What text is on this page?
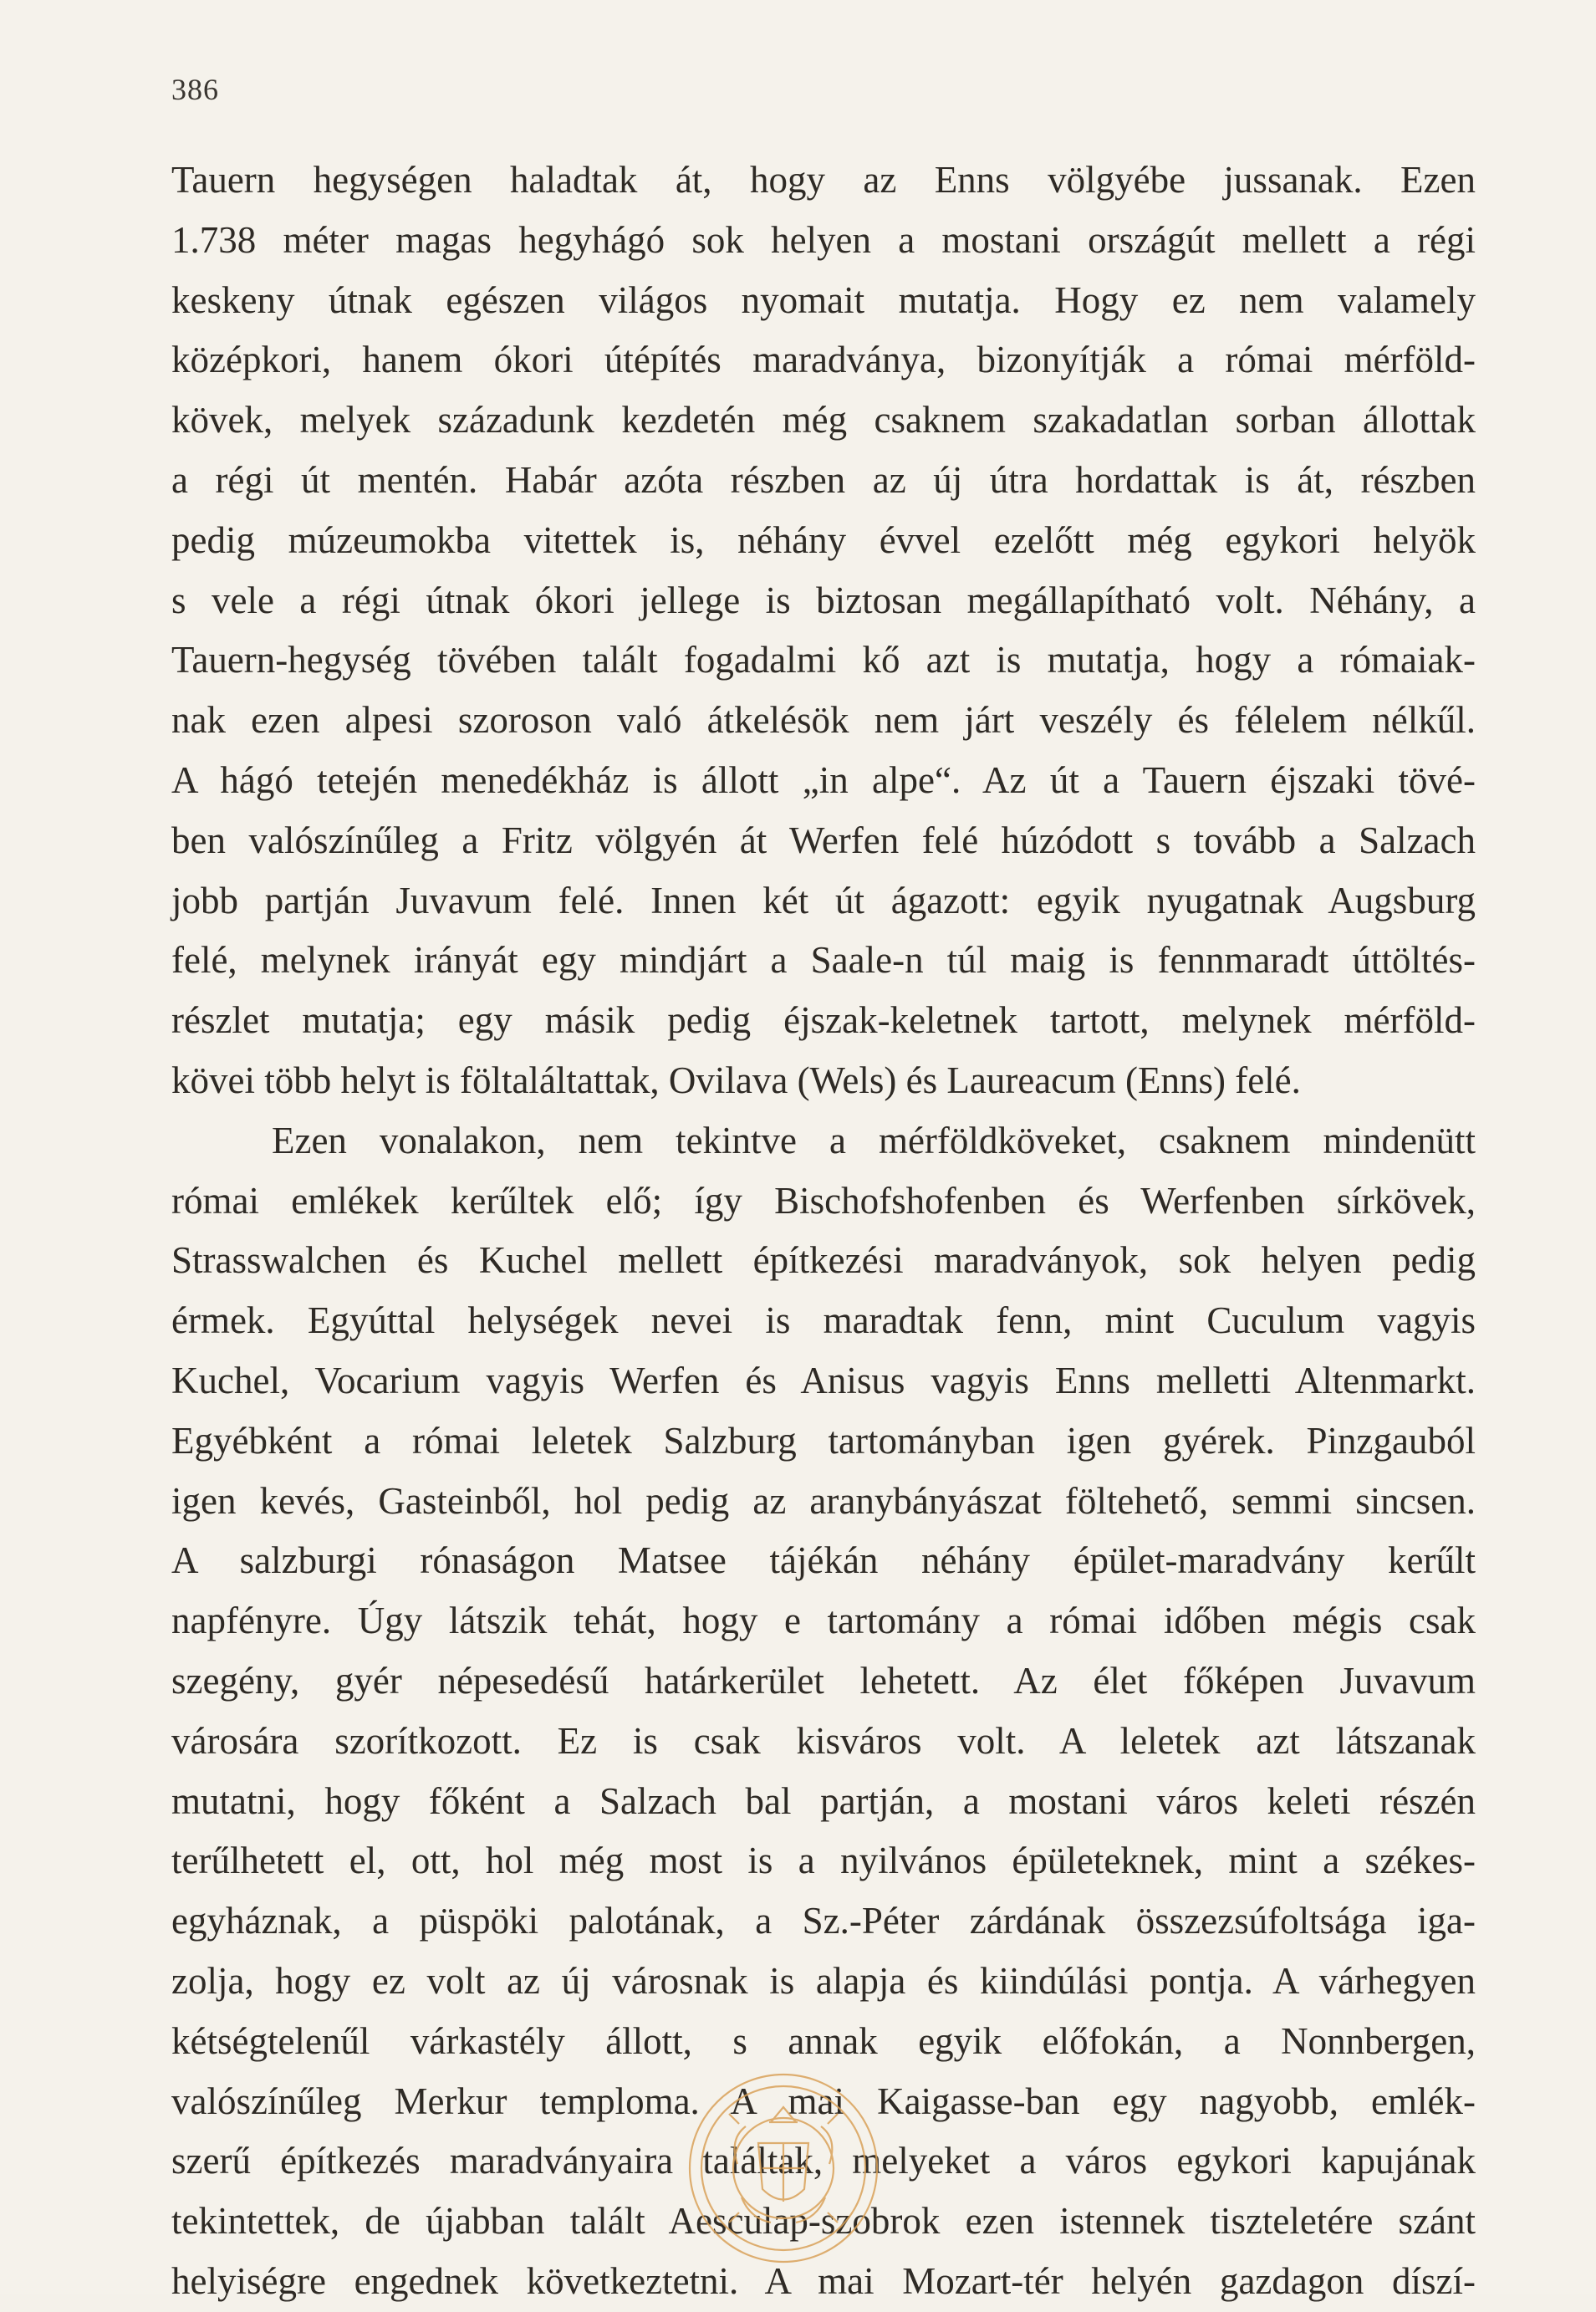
386
Tauern hegységen haladtak át, hogy az Enns völgyébe jussanak. Ezen
1.738 méter magas hegyhágó sok helyen a mostani országút mellett a régi
keskeny útnak egészen világos nyomait mutatja. Hogy ez nem valamely
középkori, hanem ókori útépítés maradványa, bizonyítják a római mérföld-
kövek, melyek századunk kezdetén még csaknem szakadatlan sorban állottak
a régi út mentén. Habár azóta részben az új útra hordattak is át, részben
pedig múzeumokba vitettek is, néhány évvel ezelőtt még egykori helyök
s vele a régi útnak ókori jellege is biztosan megállapítható volt. Néhány, a
Tauern-hegység tövében talált fogadalmi kő azt is mutatja, hogy a rómaiak-
nak ezen alpesi szoroson való átkelésök nem járt veszély és félelem nélkűl.
A hágó tetején menedékház is állott „in alpe“. Az út a Tauern éjszaki tövé-
ben valószínűleg a Fritz völgyén át Werfen felé húzódott s tovább a Salzach
jobb partján Juvavum felé. Innen két út ágazott: egyik nyugatnak Augsburg
felé, melynek irányát egy mindjárt a Saale-n túl maig is fennmaradt úttöltés-
részlet mutatja; egy másik pedig éjszak-keletnek tartott, melynek mérföld-
kövei több helyt is föltaláltattak, Ovilava (Wels) és Laureacum (Enns) felé.
Ezen vonalakon, nem tekintve a mérföldköveket, csaknem mindenütt
római emlékek kerűltek elő; így Bischofshofenben és Werfenben sírkövek,
Strasswalchen és Kuchel mellett építkezési maradványok, sok helyen pedig
érmek. Egyúttal helységek nevei is maradtak fenn, mint Cuculum vagyis
Kuchel, Vocarium vagyis Werfen és Anisus vagyis Enns melletti Altenmarkt.
Egyébként a római leletek Salzburg tartományban igen gyérek. Pinzgauból
igen kevés, Gasteinből, hol pedig az aranybányászat föltehető, semmi sincsen.
A salzburgi rónaságon Matsee tájékán néhány épület-maradvány kerűlt
napfényre. Úgy látszik tehát, hogy e tartomány a római időben mégis csak
szegény, gyér népesedésű határkerület lehetett. Az élet főképen Juvavum
városára szorítkozott. Ez is csak kisváros volt. A leletek azt látszanak
mutatni, hogy főként a Salzach bal partján, a mostani város keleti részén
terűlhetett el, ott, hol még most is a nyilvános épületeknek, mint a székes-
egyháznak, a püspöki palotának, a Sz.-Péter zárdának összezsúfoltsága iga-
zolja, hogy ez volt az új városnak is alapja és kiindúlási pontja. A várhegyen
kétségtelenűl várkastély állott, s annak egyik előfokán, a Nonnbergen,
valószínűleg Merkur temploma. A mai Kaigasse-ban egy nagyobb, emlék-
szerű építkezés maradványaira találtak, melyeket a város egykori kapujának
tekintettek, de újabban talált Aesculap-szobrok ezen istennek tiszteletére szánt
helyiségre engednek következtetni. A mai Mozart-tér helyén gazdagon díszí-
